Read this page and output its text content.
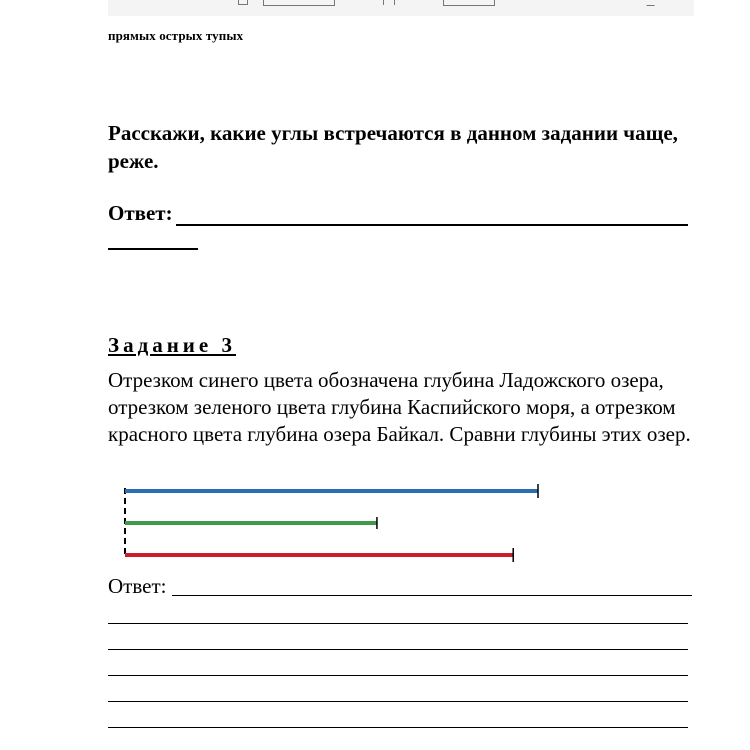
прямых острых тупых
Расскажи, какие углы встречаются в данном задании чаще, реже.
Ответ:
Задание 3
Отрезком синего цвета обозначена глубина Ладожского озера, отрезком зеленого цвета глубина Каспийского моря, а отрезком красного цвета глубина озера Байкал. Сравни глубины этих озер.
Ответ:
